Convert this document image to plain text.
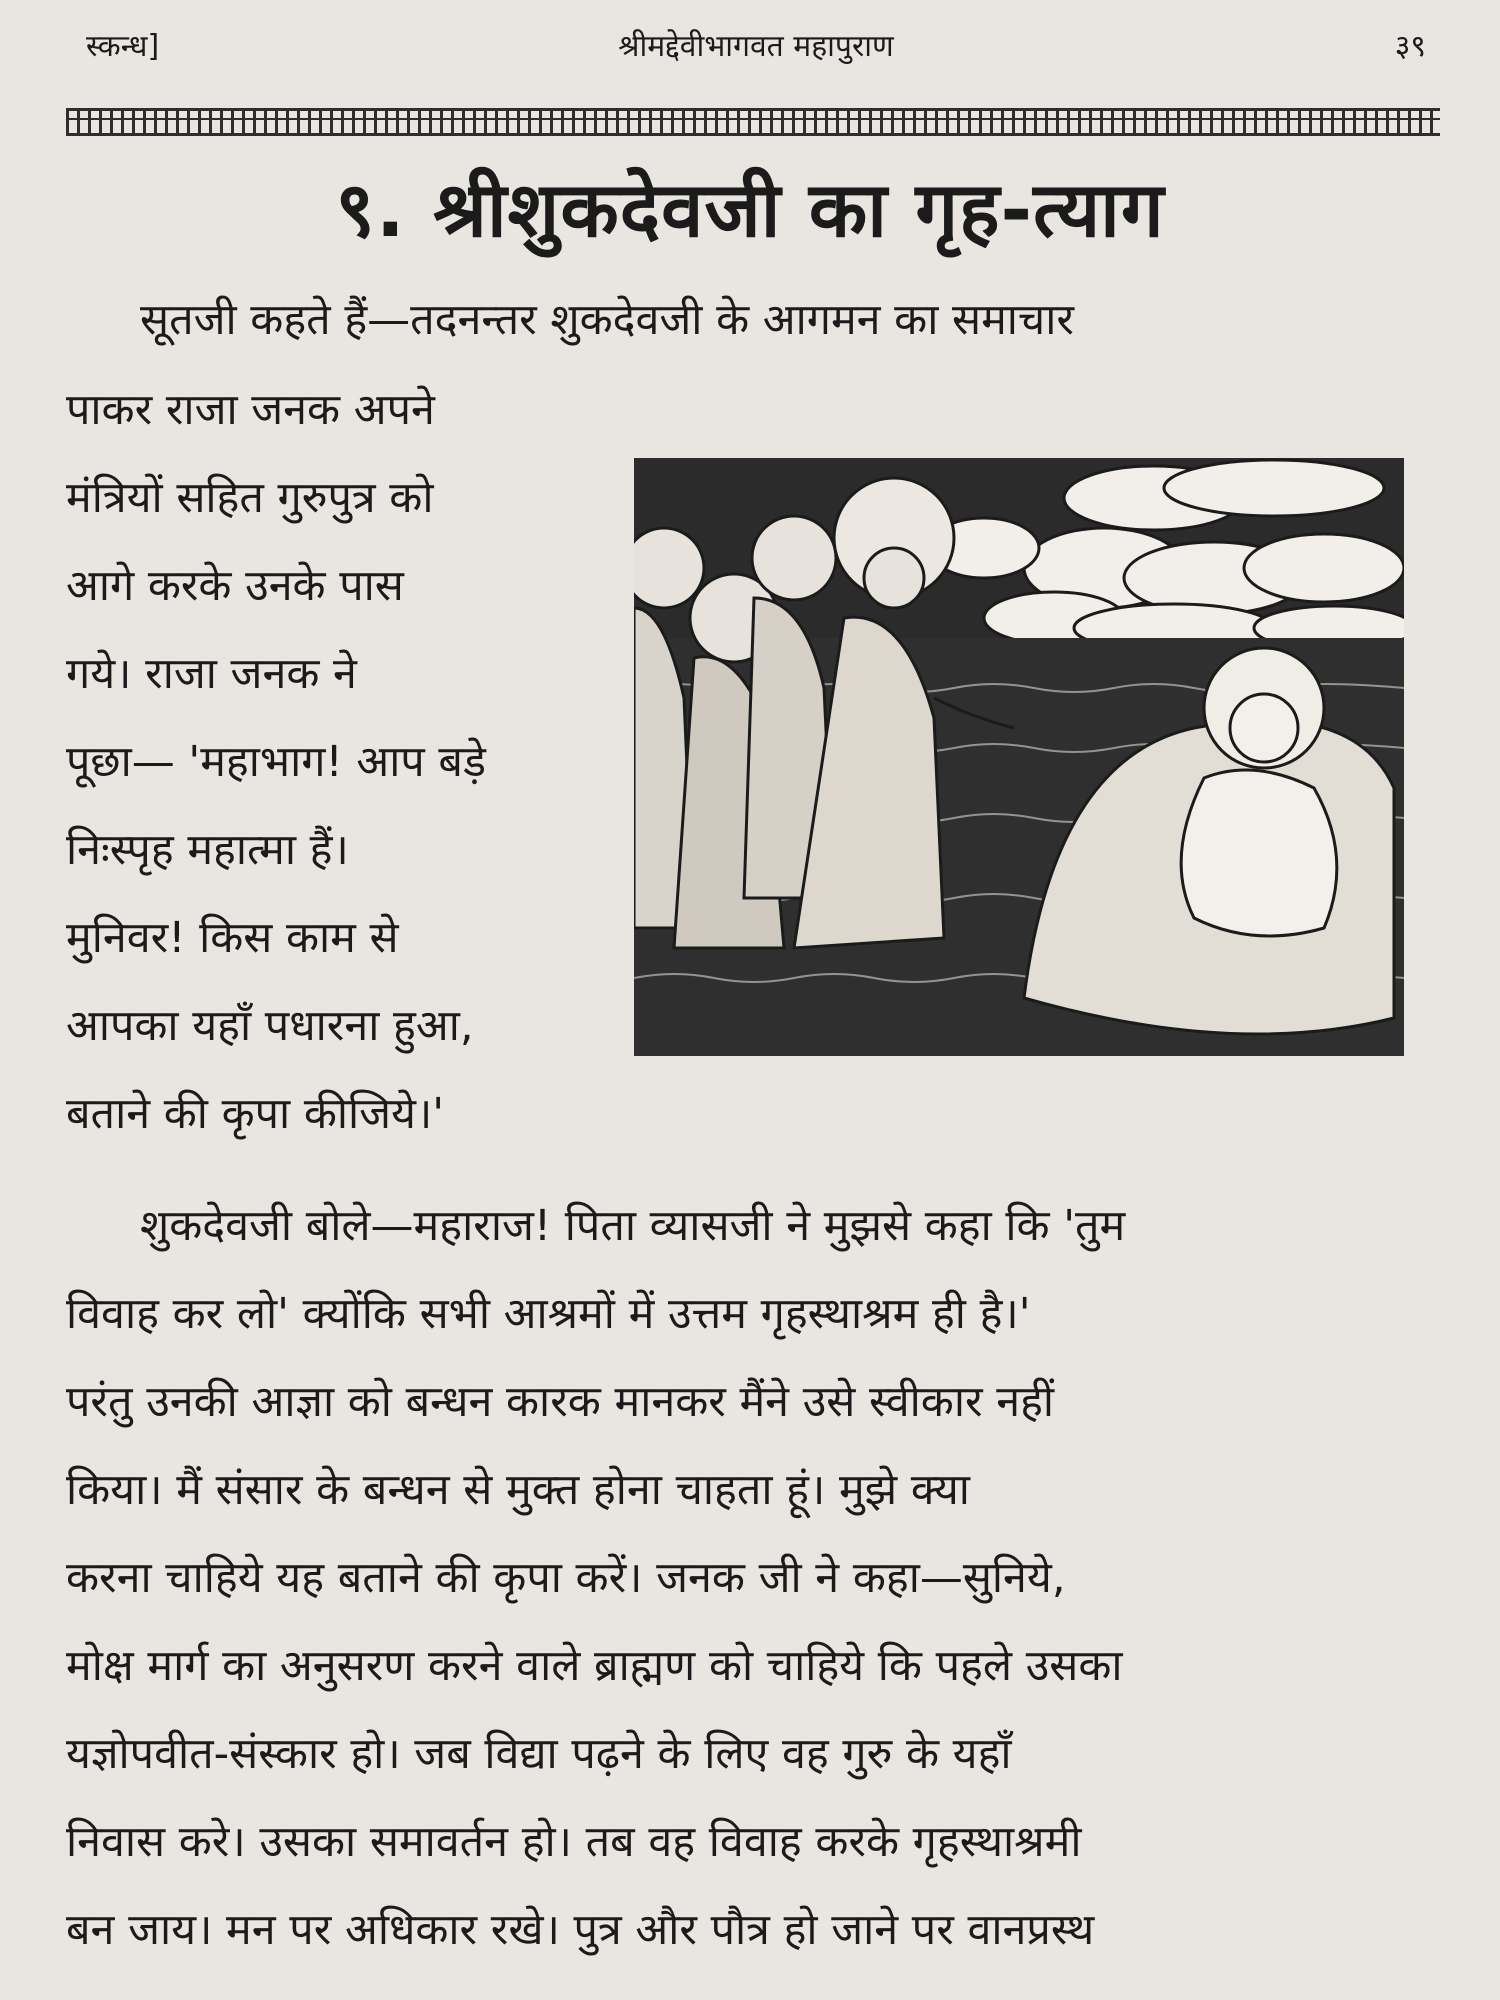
स्कन्ध]	श्रीमद्देवीभागवत महापुराण	३९
९. श्रीशुकदेवजी का गृह-त्याग
सूतजी कहते हैं—तदनन्तर शुकदेवजी के आगमन का समाचार
पाकर राजा जनक अपने
मंत्रियों सहित गुरुपुत्र को
आगे करके उनके पास
गये। राजा जनक ने
पूछा— 'महाभाग! आप बड़े
निःस्पृह महात्मा हैं।
मुनिवर! किस काम से
आपका यहाँ पधारना हुआ,
बताने की कृपा कीजिये।'
शुकदेवजी बोले—महाराज! पिता व्यासजी ने मुझसे कहा कि 'तुम
विवाह कर लो' क्योंकि सभी आश्रमों में उत्तम गृहस्थाश्रम ही है।'
परंतु उनकी आज्ञा को बन्धन कारक मानकर मैंने उसे स्वीकार नहीं
किया। मैं संसार के बन्धन से मुक्त होना चाहता हूं। मुझे क्या
करना चाहिये यह बताने की कृपा करें। जनक जी ने कहा—सुनिये,
मोक्ष मार्ग का अनुसरण करने वाले ब्राह्मण को चाहिये कि पहले उसका
यज्ञोपवीत-संस्कार हो। जब विद्या पढ़ने के लिए वह गुरु के यहाँ
निवास करे। उसका समावर्तन हो। तब वह विवाह करके गृहस्थाश्रमी
बन जाय। मन पर अधिकार रखे। पुत्र और पौत्र हो जाने पर वानप्रस्थ
